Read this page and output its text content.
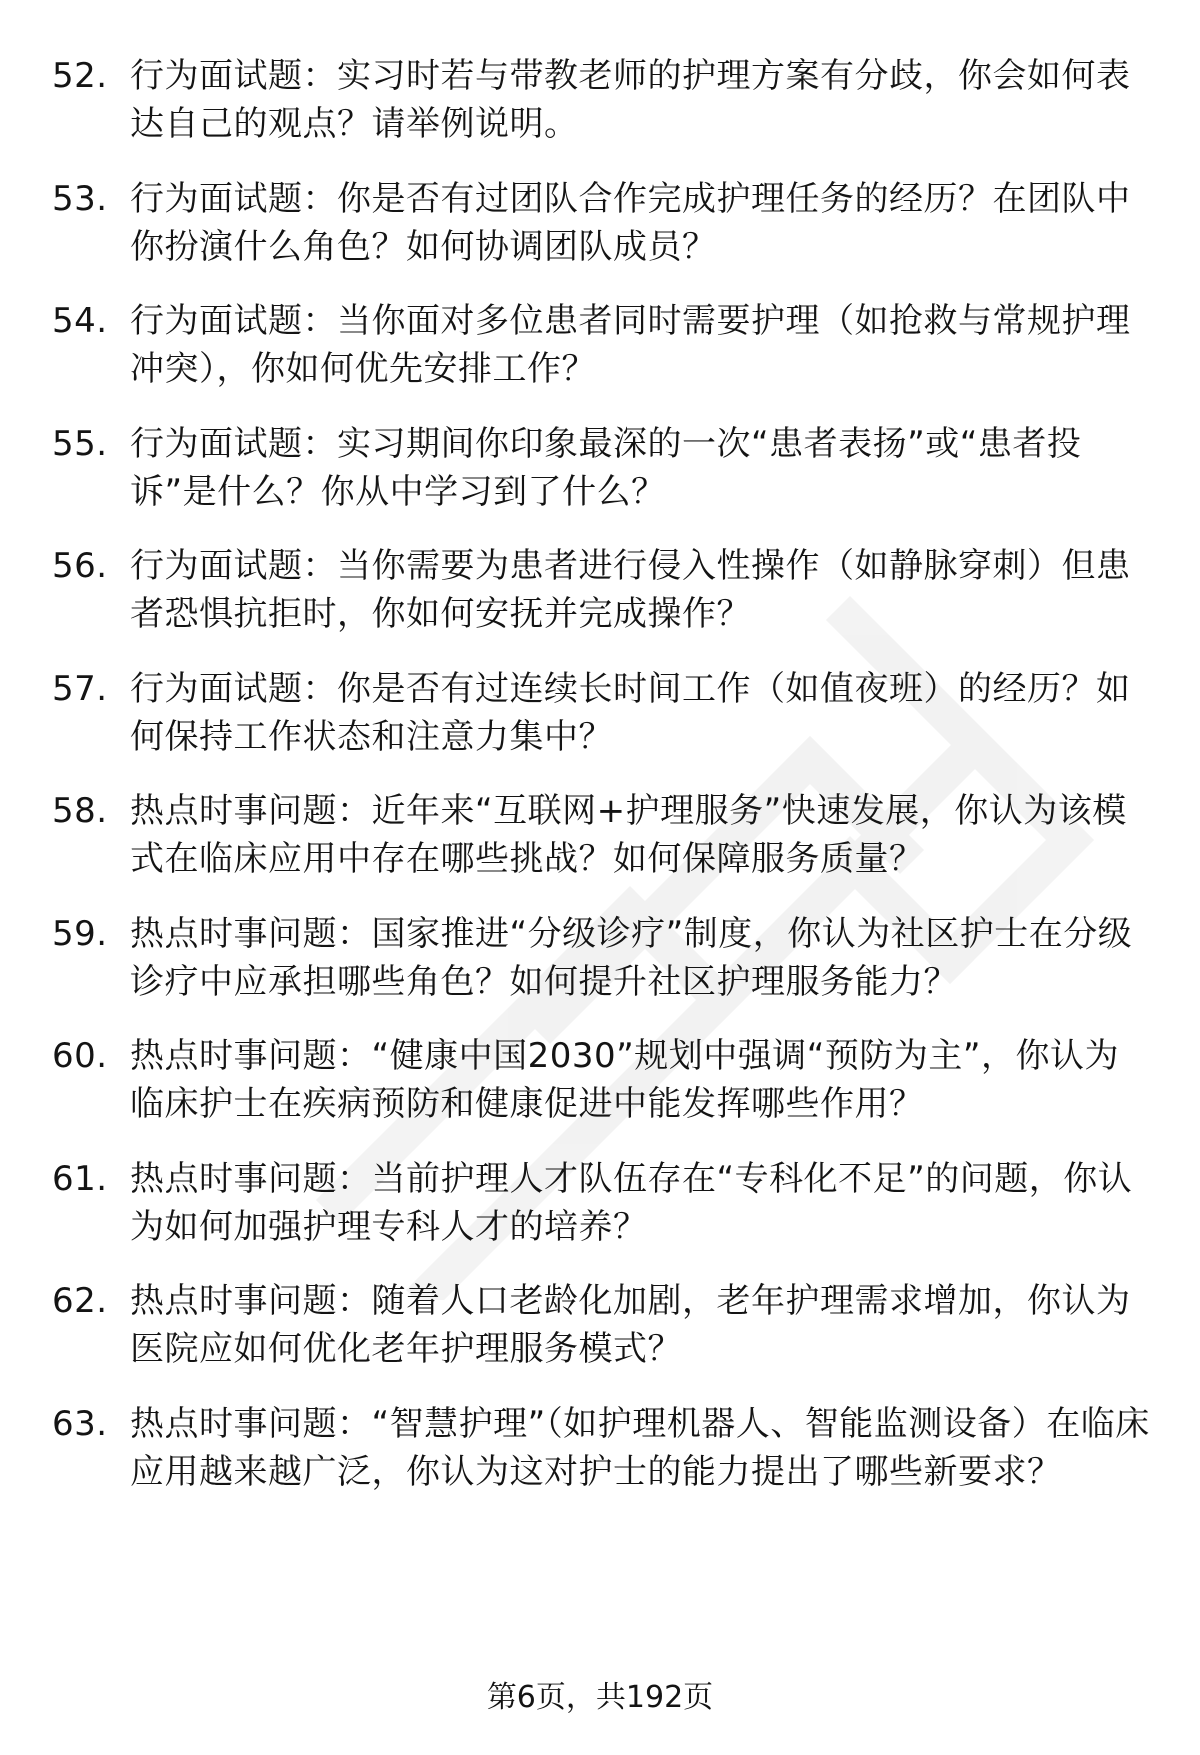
52. 行为面试题：实习时若与带教老师的护理方案有分歧，你会如何表达自己的观点？请举例说明。
53. 行为面试题：你是否有过团队合作完成护理任务的经历？在团队中你扮演什么角色？如何协调团队成员？
54. 行为面试题：当你面对多位患者同时需要护理（如抢救与常规护理冲突），你如何优先安排工作？
55. 行为面试题：实习期间你印象最深的一次“患者表扬”或“患者投诉”是什么？你从中学习到了什么？
56. 行为面试题：当你需要为患者进行侵入性操作（如静脉穿刺）但患者恐惧抗拒时，你如何安抚并完成操作？
57. 行为面试题：你是否有过连续长时间工作（如值夜班）的经历？如何保持工作状态和注意力集中？
58. 热点时事问题：近年来“互联网+护理服务”快速发展，你认为该模式在临床应用中存在哪些挑战？如何保障服务质量？
59. 热点时事问题：国家推进“分级诊疗”制度，你认为社区护士在分级诊疗中应承担哪些角色？如何提升社区护理服务能力？
60. 热点时事问题：“健康中国2030”规划中强调“预防为主”，你认为临床护士在疾病预防和健康促进中能发挥哪些作用？
61. 热点时事问题：当前护理人才队伍存在“专科化不足”的问题，你认为如何加强护理专科人才的培养？
62. 热点时事问题：随着人口老龄化加剧，老年护理需求增加，你认为医院应如何优化老年护理服务模式？
63. 热点时事问题：“智慧护理”（如护理机器人、智能监测设备）在临床应用越来越广泛，你认为这对护士的能力提出了哪些新要求？
第6页，共192页
